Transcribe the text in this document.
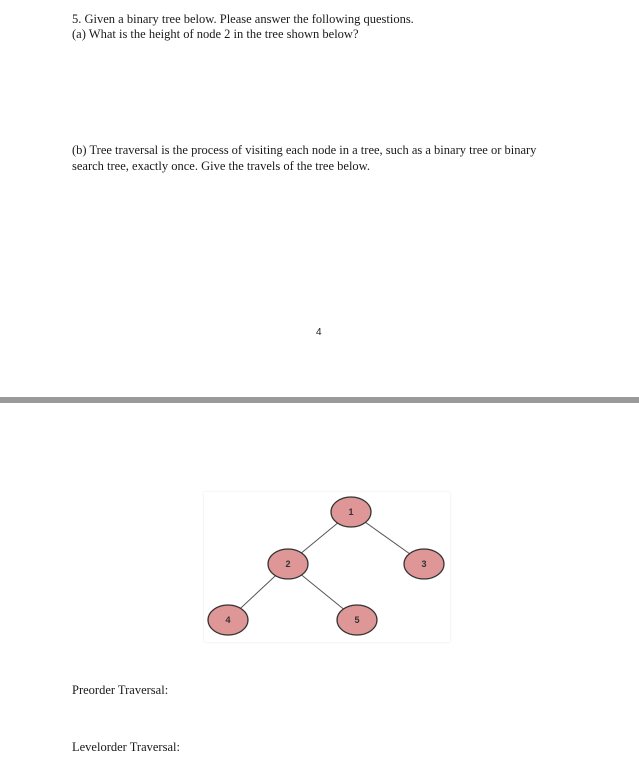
5. Given a binary tree below. Please answer the following questions.
(a) What is the height of node 2 in the tree shown below?
(b) Tree traversal is the process of visiting each node in a tree, such as a binary tree or binary
search tree, exactly once. Give the travels of the tree below.
4
1
2	3
4	5
Preorder Traversal:
Levelorder Traversal:
